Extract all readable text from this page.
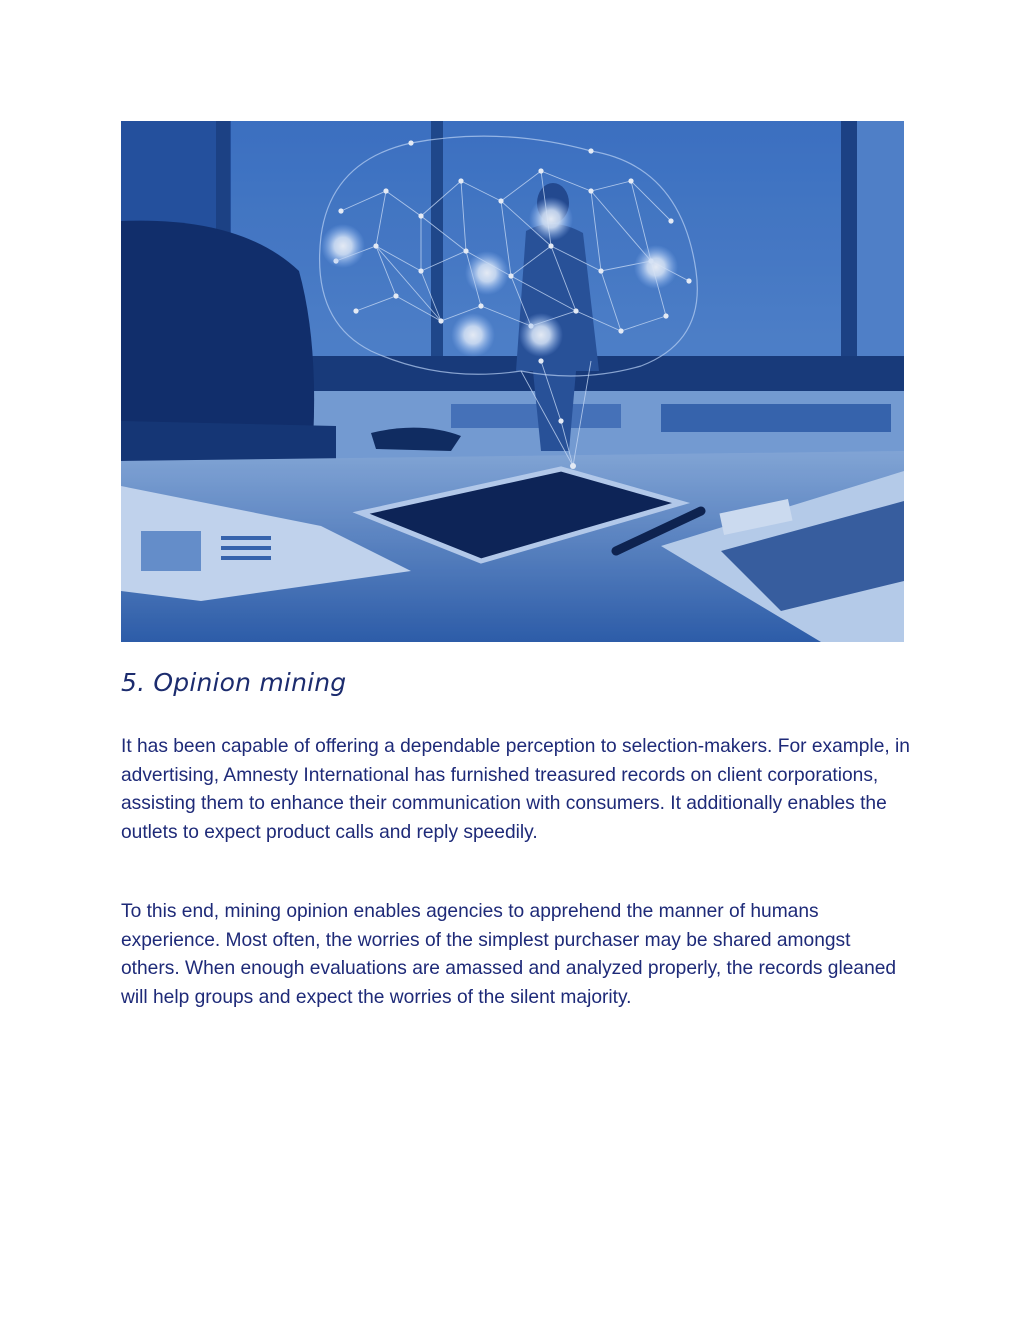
5. Opinion mining

It has been capable of offering a dependable perception to selection-makers. For example, in advertising, Amnesty International has furnished treasured records on client corporations, assisting them to enhance their communication with consumers. It additionally enables the outlets to expect product calls and reply speedily.

To this end, mining opinion enables agencies to apprehend the manner of humans experience. Most often, the worries of the simplest purchaser may be shared amongst others. When enough evaluations are amassed and analyzed properly, the records gleaned will help groups and expect the worries of the silent majority.
